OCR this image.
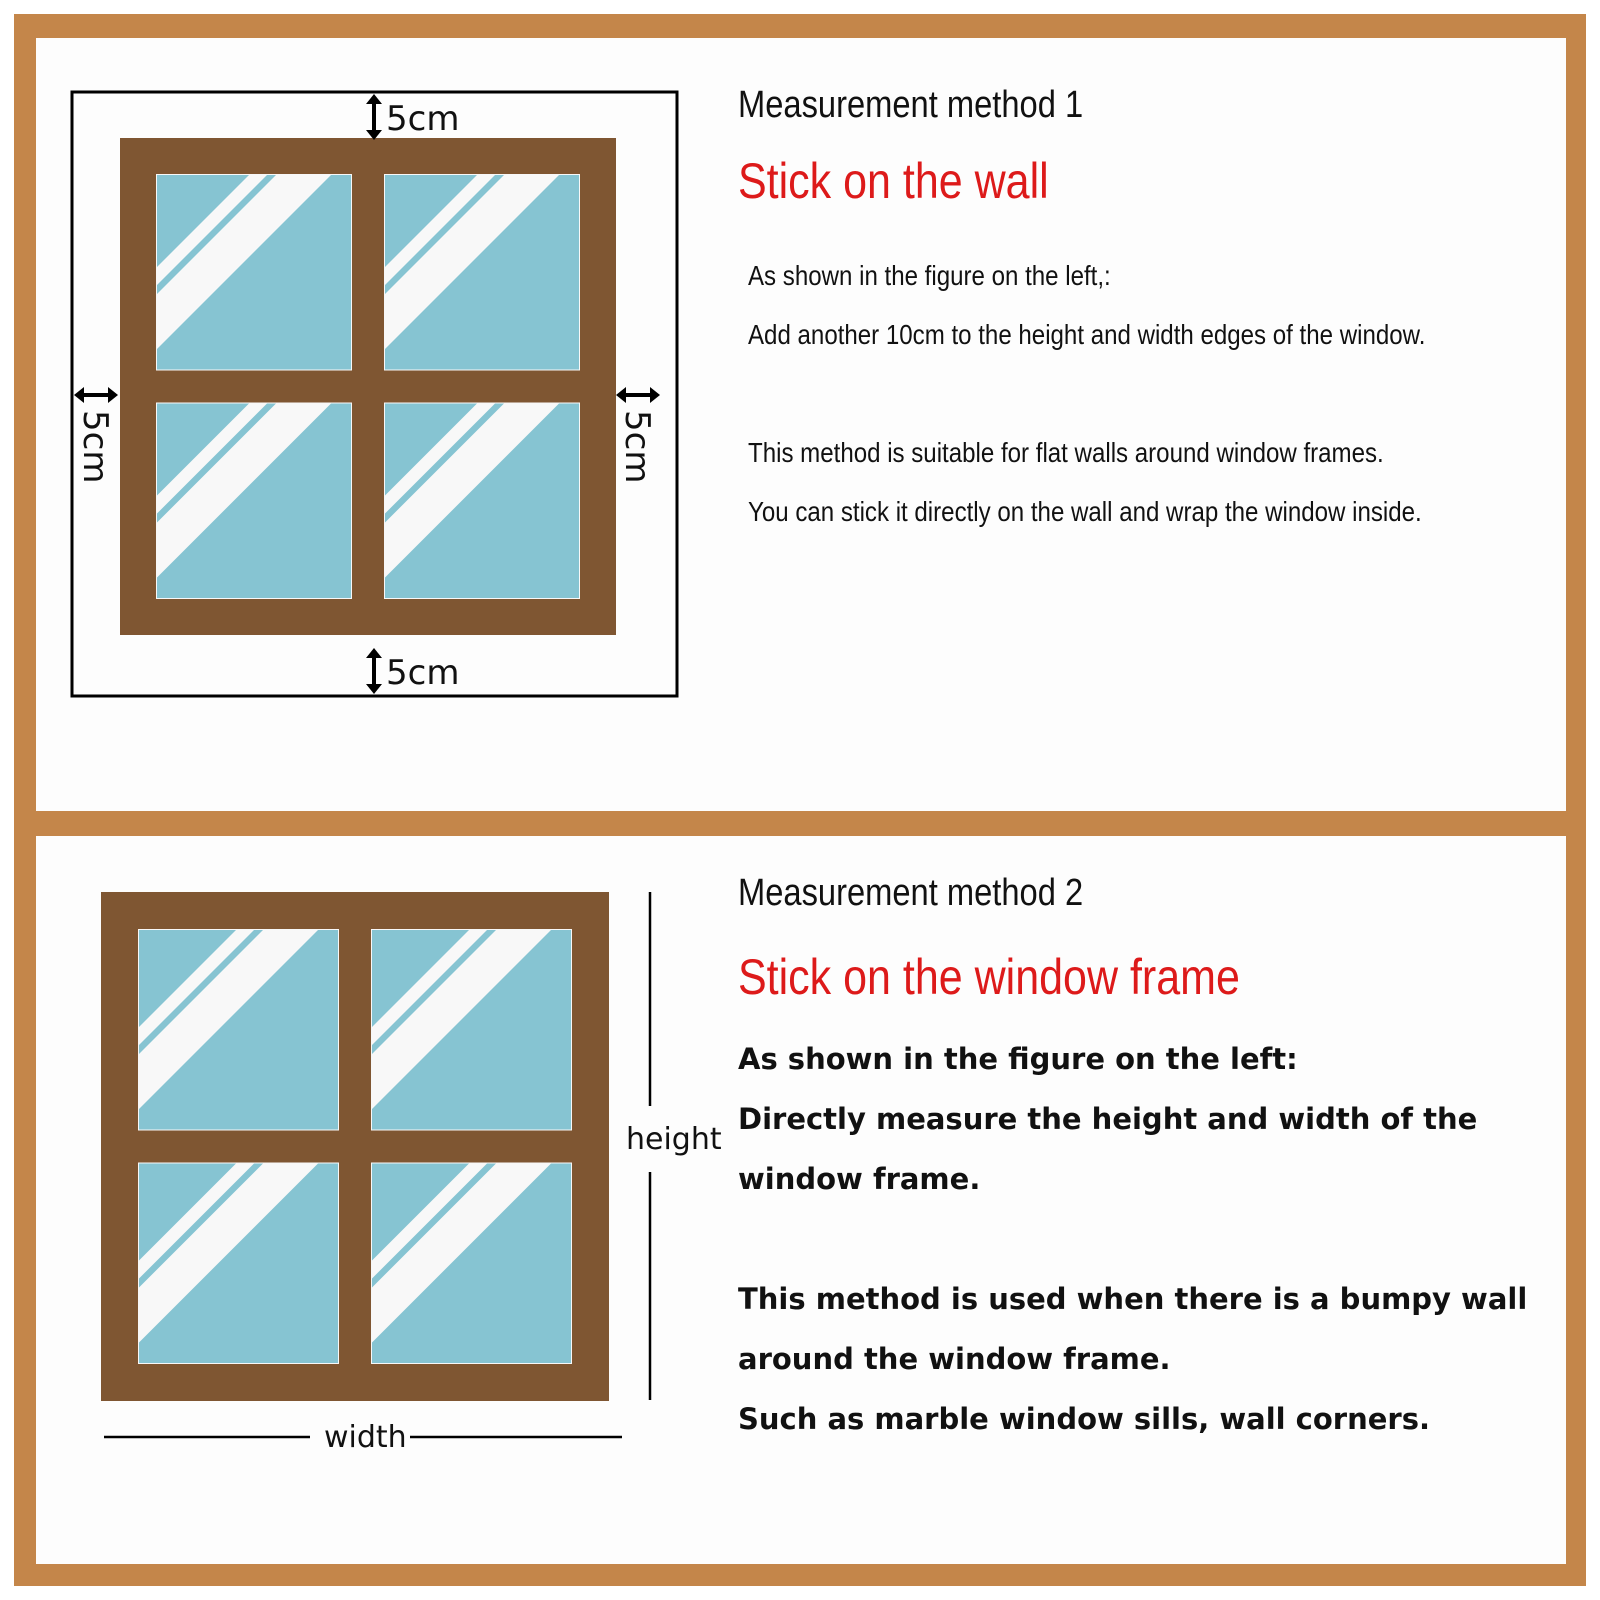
5cm
5cm
5cm	5cm
Measurement method 1
Stick on the wall
As shown in the figure on the left,:
Add another 10cm to the height and width edges of the window.
This method is suitable for flat walls around window frames.
You can stick it directly on the wall and wrap the window inside.
height
width
Measurement method 2
Stick on the window frame
As shown in the figure on the left:
Directly measure the height and width of the
window frame.
This method is used when there is a bumpy wall
around the window frame.
Such as marble window sills, wall corners.
